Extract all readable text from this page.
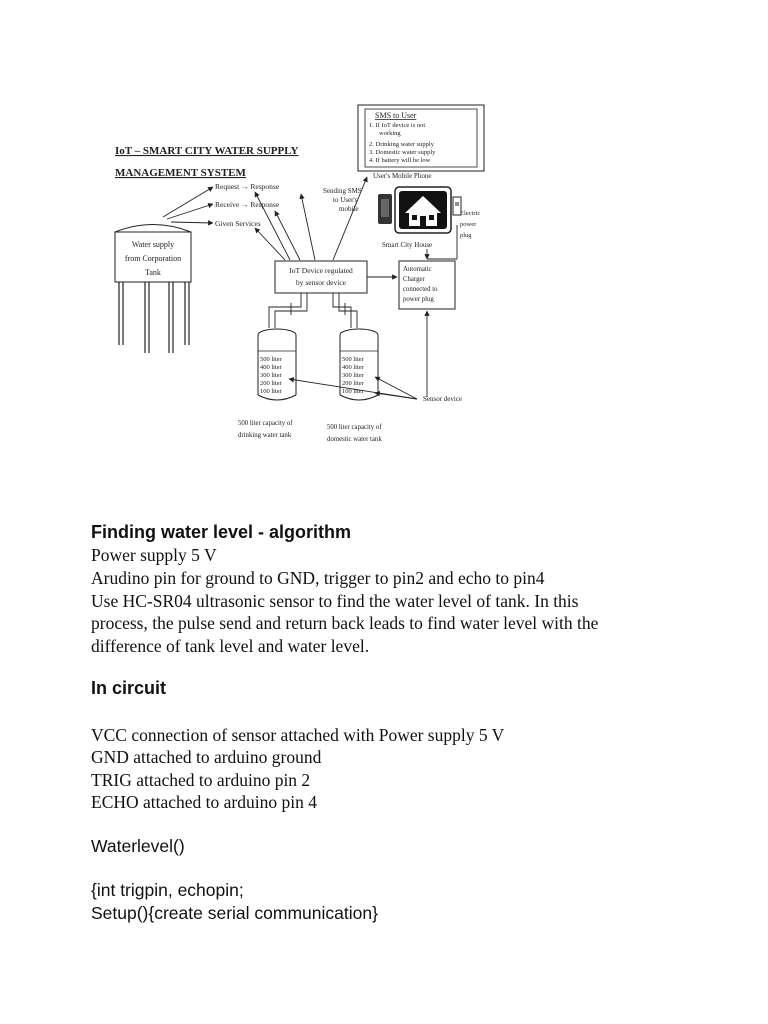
IoT – SMART CITY WATER SUPPLY
MANAGEMENT SYSTEM
SMS to User
1. If IoT device is not
working
2. Drinking water supply
3. Domestic water supply
4. If battery will be low
User's Mobile Phone
Smart City House
Electric
power
plug
Sending SMS
to User's
mobile
Request → Response
Receive → Response
Given Services
Water supply
from Corporation
Tank	IoT Device regulated
by sensor device
Automatic
Charger
connected to
power plug
500 liter
400 liter
300 liter
200 liter
100 liter
500 liter
400 liter
300 liter
200 liter
100 liter
Sensor device
500 liter capacity of
drinking water tank
500 liter capacity of
domestic water tank
Finding water level - algorithm
Power supply 5 V
Arudino pin for ground to GND, trigger to pin2 and echo to pin4
Use HC-SR04 ultrasonic sensor to find the water level of tank. In this
process, the pulse send and return back leads to find water level with the
difference of tank level and water level.
In circuit
VCC connection of sensor attached with Power supply 5 V
GND attached to arduino ground
TRIG attached to arduino pin 2
ECHO attached to arduino pin 4
Waterlevel()
{int trigpin, echopin;
Setup(){create serial communication}
